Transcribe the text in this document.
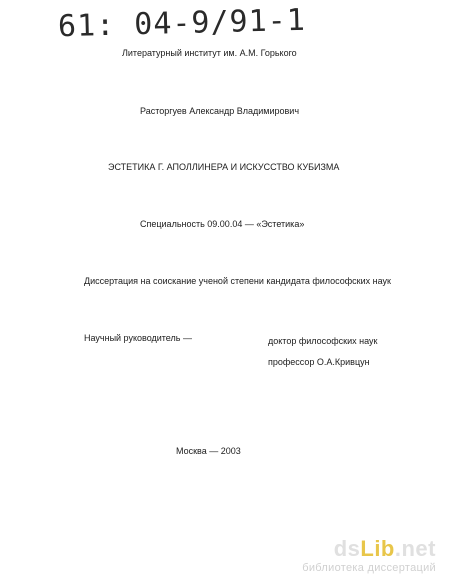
61: 04-9/91-1
Литературный институт им. А.М. Горького
Расторгуев Александр Владимирович
ЭСТЕТИКА Г. АПОЛЛИНЕРА И ИСКУССТВО КУБИЗМА
Специальность 09.00.04 — «Эстетика»
Диссертация на соискание ученой степени кандидата философских наук
Научный руководитель —	доктор философских наук
профессор О.А.Кривцун
Москва — 2003
dsLib.net
библиотека диссертаций
